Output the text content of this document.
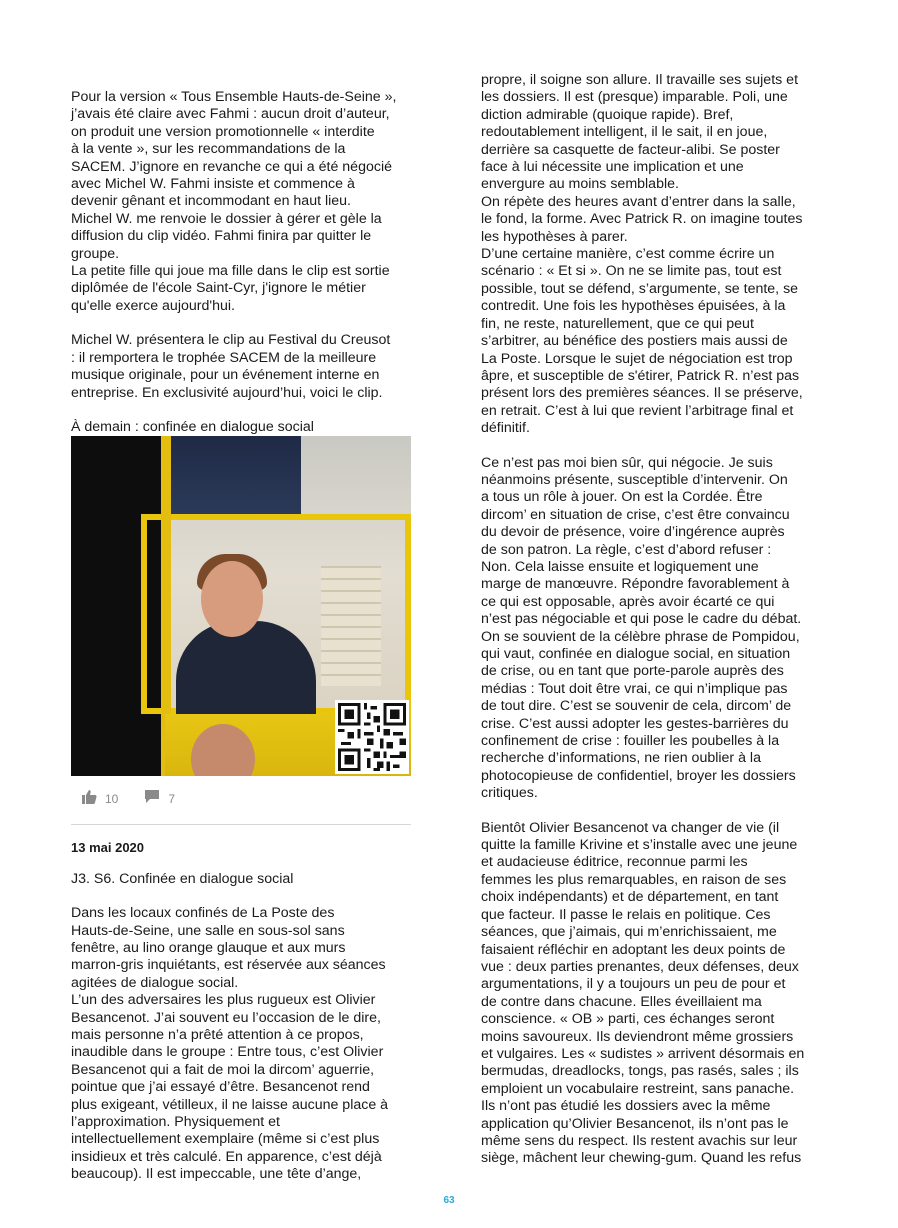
Pour la version « Tous Ensemble Hauts-de-Seine »,
j’avais été claire avec Fahmi : aucun droit d’auteur,
on produit une version promotionnelle « interdite
à la vente », sur les recommandations de la
SACEM. J’ignore en revanche ce qui a été négocié
avec Michel W. Fahmi insiste et commence à
devenir gênant et incommodant en haut lieu.
Michel W. me renvoie le dossier à gérer et gèle la
diffusion du clip vidéo. Fahmi finira par quitter le
groupe.
La petite fille qui joue ma fille dans le clip est sortie
diplômée de l'école Saint-Cyr, j'ignore le métier
qu'elle exerce aujourd'hui.

Michel W. présentera le clip au Festival du Creusot
: il remportera le trophée SACEM de la meilleure
musique originale, pour un événement interne en
entreprise. En exclusivité aujourd’hui, voici le clip.

À demain : confinée en dialogue social

10	7
13 mai 2020
J3. S6. Confinée en dialogue social

Dans les locaux confinés de La Poste des
Hauts-de-Seine, une salle en sous-sol sans
fenêtre, au lino orange glauque et aux murs
marron-gris inquiétants, est réservée aux séances
agitées de dialogue social.
L’un des adversaires les plus rugueux est Olivier
Besancenot. J’ai souvent eu l’occasion de le dire,
mais personne n’a prêté attention à ce propos,
inaudible dans le groupe : Entre tous, c’est Olivier
Besancenot qui a fait de moi la dircom’ aguerrie,
pointue que j’ai essayé d’être. Besancenot rend
plus exigeant, vétilleux, il ne laisse aucune place à
l’approximation. Physiquement et
intellectuellement exemplaire (même si c’est plus
insidieux et très calculé. En apparence, c’est déjà
beaucoup). Il est impeccable, une tête d’ange,

propre, il soigne son allure. Il travaille ses sujets et
les dossiers. Il est (presque) imparable. Poli, une
diction admirable (quoique rapide). Bref,
redoutablement intelligent, il le sait, il en joue,
derrière sa casquette de facteur-alibi. Se poster
face à lui nécessite une implication et une
envergure au moins semblable.
On répète des heures avant d’entrer dans la salle,
le fond, la forme. Avec Patrick R. on imagine toutes
les hypothèses à parer.
D’une certaine manière, c’est comme écrire un
scénario : « Et si ». On ne se limite pas, tout est
possible, tout se défend, s’argumente, se tente, se
contredit. Une fois les hypothèses épuisées, à la
fin, ne reste, naturellement, que ce qui peut
s’arbitrer, au bénéfice des postiers mais aussi de
La Poste. Lorsque le sujet de négociation est trop
âpre, et susceptible de s'étirer, Patrick R. n’est pas
présent lors des premières séances. Il se préserve,
en retrait. C’est à lui que revient l’arbitrage final et
définitif.

Ce n’est pas moi bien sûr, qui négocie. Je suis
néanmoins présente, susceptible d’intervenir. On
a tous un rôle à jouer. On est la Cordée. Être
dircom’ en situation de crise, c’est être convaincu
du devoir de présence, voire d’ingérence auprès
de son patron. La règle, c’est d’abord refuser :
Non. Cela laisse ensuite et logiquement une
marge de manœuvre. Répondre favorablement à
ce qui est opposable, après avoir écarté ce qui
n’est pas négociable et qui pose le cadre du débat.
On se souvient de la célèbre phrase de Pompidou,
qui vaut, confinée en dialogue social, en situation
de crise, ou en tant que porte-parole auprès des
médias : Tout doit être vrai, ce qui n’implique pas
de tout dire. C’est se souvenir de cela, dircom’ de
crise. C’est aussi adopter les gestes-barrières du
confinement de crise : fouiller les poubelles à la
recherche d’informations, ne rien oublier à la
photocopieuse de confidentiel, broyer les dossiers
critiques.

Bientôt Olivier Besancenot va changer de vie (il
quitte la famille Krivine et s’installe avec une jeune
et audacieuse éditrice, reconnue parmi les
femmes les plus remarquables, en raison de ses
choix indépendants) et de département, en tant
que facteur. Il passe le relais en politique. Ces
séances, que j’aimais, qui m’enrichissaient, me
faisaient réfléchir en adoptant les deux points de
vue : deux parties prenantes, deux défenses, deux
argumentations, il y a toujours un peu de pour et
de contre dans chacune. Elles éveillaient ma
conscience. « OB » parti, ces échanges seront
moins savoureux. Ils deviendront même grossiers
et vulgaires. Les « sudistes » arrivent désormais en
bermudas, dreadlocks, tongs, pas rasés, sales ; ils
emploient un vocabulaire restreint, sans panache.
Ils n’ont pas étudié les dossiers avec la même
application qu’Olivier Besancenot, ils n’ont pas le
même sens du respect. Ils restent avachis sur leur
siège, mâchent leur chewing-gum. Quand les refus

63
